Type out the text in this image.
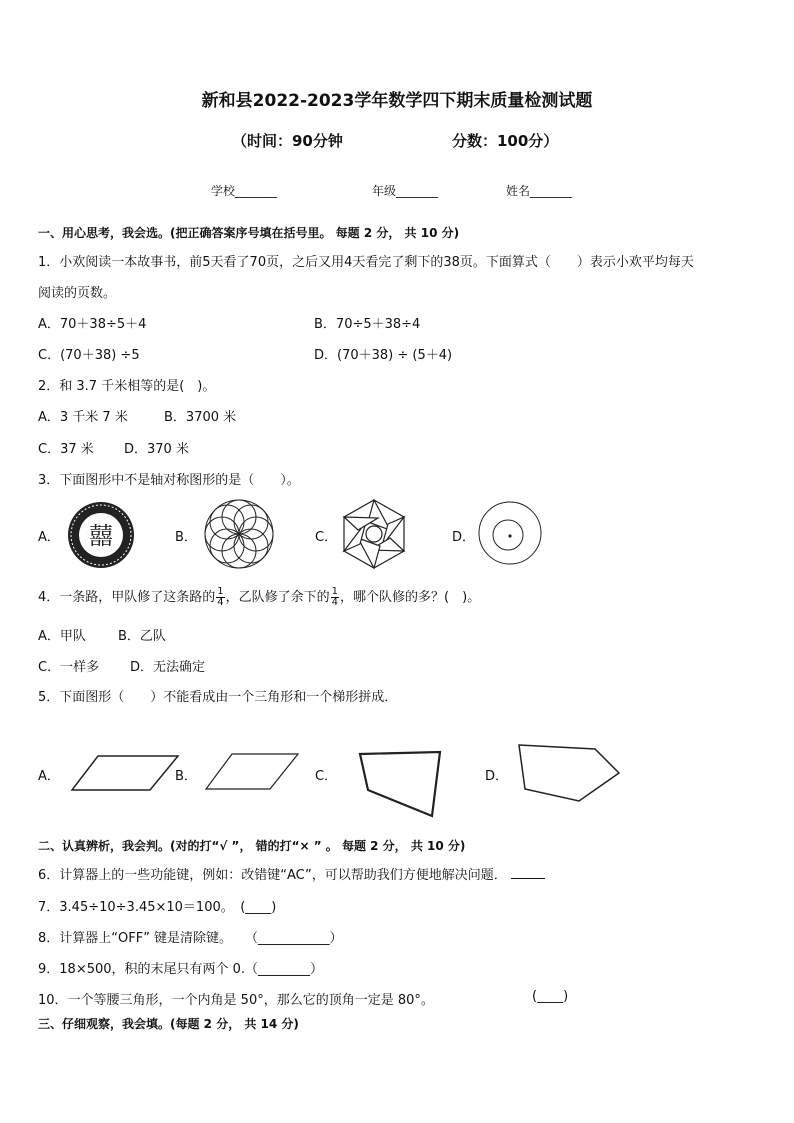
新和县2022-2023学年数学四下期末质量检测试题
（时间：90分钟	分数：100分）
学校_______	年级_______	姓名_______
一、用心思考，我会选。(把正确答案序号填在括号里。 每题 2 分， 共 10 分)
1．小欢阅读一本故事书，前5天看了70页，之后又用4天看完了剩下的38页。下面算式（　　）表示小欢平均每天
阅读的页数。
A．70＋38÷5＋4	B．70÷5＋38÷4
C．(70＋38) ÷5	D．(70＋38) ÷ (5＋4)
2．和 3.7 千米相等的是(　)。
A．3 千米 7 米	B．3700 米
C．37 米 D．370 米
3．下面图形中不是轴对称图形的是（　　）。
A．	B．	C．	D．
囍
4．一条路，甲队修了这条路的 $\frac{1}{4}$ ，乙队修了余下的 $\frac{1}{4}$ ，哪个队修的多？(　)。
A．甲队 B．乙队
C．一样多 D．无法确定
5．下面图形（　　）不能看成由一个三角形和一个梯形拼成．
A．	B．	C．	D．
二、认真辨析，我会判。(对的打“√ ”， 错的打“× ” 。 每题 2 分， 共 10 分)
6．计算器上的一些功能键，例如：改错键“AC”，可以帮助我们方便地解决问题．
7．3.45÷10÷3.45×10＝100。　(____)
8．计算器上“OFF” 键是清除键。　　（___________）
9．18×500，积的末尾只有两个 0.（________）
10．一个等腰三角形，一个内角是 50°，那么它的顶角一定是 80°。	(____)
三、仔细观察，我会填。(每题 2 分， 共 14 分)
